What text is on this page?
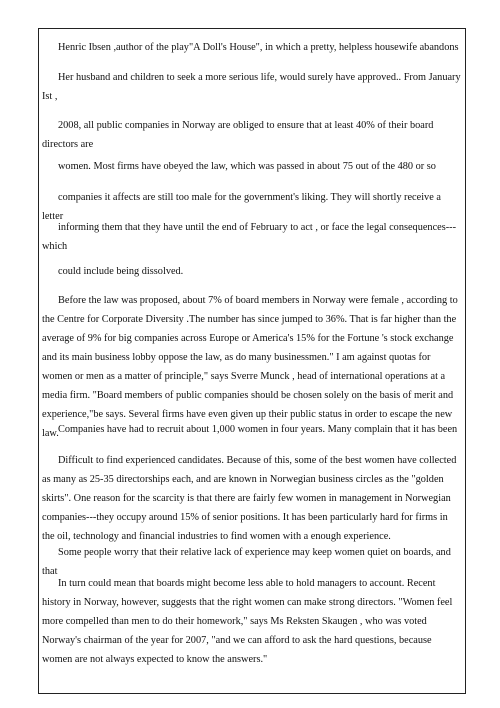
Henric Ibsen ,author of the play"A Doll's House", in which a pretty, helpless housewife abandons

Her husband and children to seek a more serious life, would surely have approved.. From January Ist ,

2008, all public companies in Norway are obliged to ensure that at least 40% of their board directors are

women. Most firms have obeyed the law, which was passed in about 75 out of the 480 or so

companies it affects are still too male for the government's liking. They will shortly receive a letter

informing them that they have until the end of February to act , or face the legal consequences---which

could include being dissolved.

Before the law was proposed, about 7% of board members in Norway were female , according to the Centre for Corporate Diversity .The number has since jumped to 36%. That is far higher than the average of 9% for big companies across Europe or America's 15% for the Fortune 's stock exchange and its main business lobby oppose the law, as do many businessmen." I am against quotas for women or men as a matter of principle," says Sverre Munck , head of international operations at a media firm. "Board members of public companies should be chosen solely on the basis of merit and experience,"be says. Several firms have even given up their public status in order to escape the new law. Companies have had to recruit about 1,000 women in four years. Many complain that it has been

Difficult to find experienced candidates. Because of this, some of the best women have collected as many as 25-35 directorships each, and are known in Norwegian business circles as the "golden skirts". One reason for the scarcity is that there are fairly few women in management in Norwegian companies---they occupy around 15% of senior positions. It has been particularly hard for firms in the oil, technology and financial industries to find women with a enough experience.

Some people worry that their relative lack of experience may keep women quiet on boards, and that

In turn could mean that boards might become less able to hold managers to account. Recent history in Norway, however, suggests that the right women can make strong directors. "Women feel more compelled than men to do their homework," says Ms Reksten Skaugen , who was voted Norway's chairman of the year for 2007, "and we can afford to ask the hard questions, because women are not always expected to know the answers."
